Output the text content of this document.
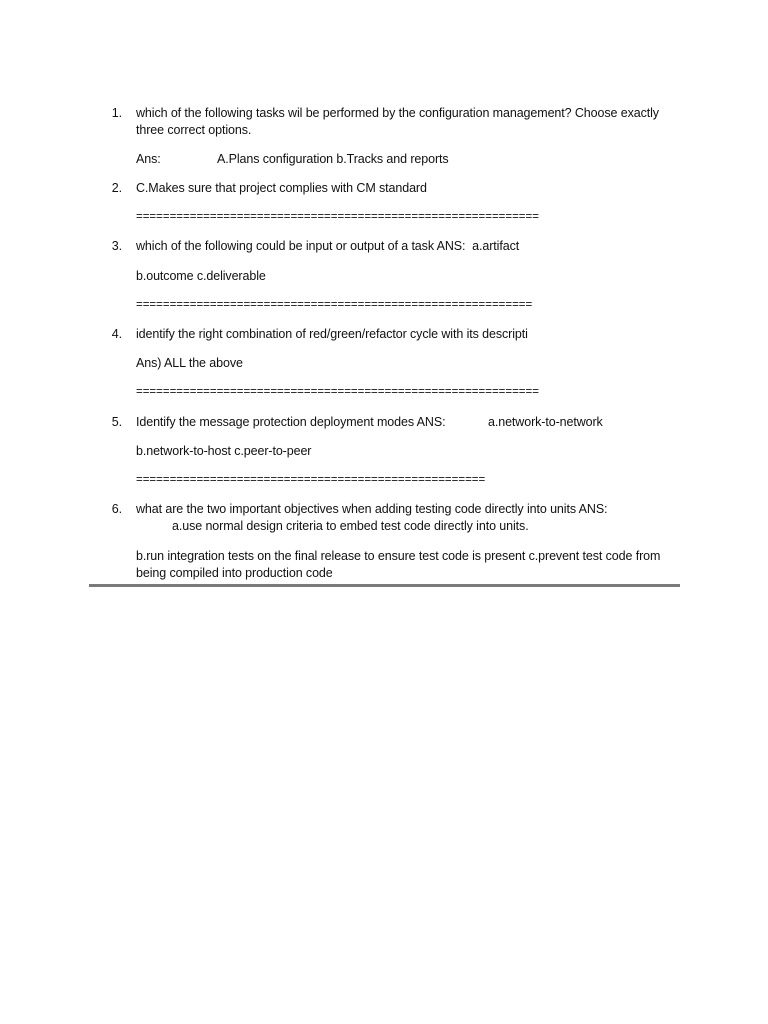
1. which of the following tasks wil be performed by the configuration management? Choose exactly
three correct options.
Ans:	A.Plans configuration b.Tracks and reports
2. C.Makes sure that project complies with CM standard
============================================================
3. which of the following could be input or output of a task ANS:  a.artifact
b.outcome c.deliverable
===========================================================
4. identify the right combination of red/green/refactor cycle with its descripti
Ans) ALL the above
============================================================
5. Identify the message protection deployment modes ANS:	a.network-to-network
b.network-to-host c.peer-to-peer
====================================================
6. what are the two important objectives when adding testing code directly into units ANS:
a.use normal design criteria to embed test code directly into units.
b.run integration tests on the final release to ensure test code is present c.prevent test code from
being compiled into production code
